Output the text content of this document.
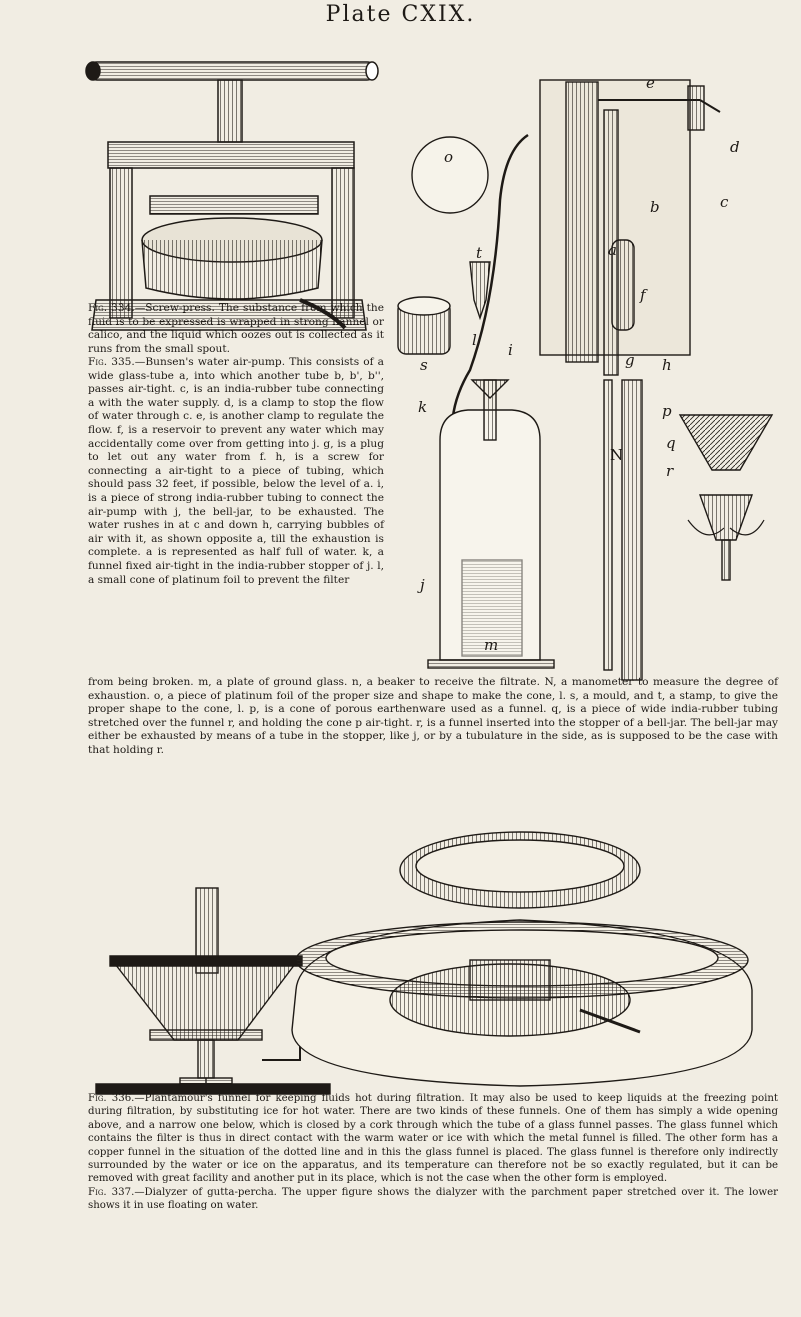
Plate CXIX.
o
t
s
l
i
g h
k
j
m
a
b	c
d
e
f
p
q
r
N

Fig. 334.—Screw-press. The substance from which the fluid is to be expressed is wrapped in strong flannel or calico, and the liquid which oozes out is collected as it runs from the small spout.

Fig. 335.—Bunsen's water air-pump. This consists of a wide glass-tube a, into which another tube b, b', b'', passes air-tight. c, is an india-rubber tube connecting a with the water supply. d, is a clamp to stop the flow of water through c. e, is another clamp to regulate the flow. f, is a reservoir to prevent any water which may accidentally come over from getting into j. g, is a plug to let out any water from f. h, is a screw for connecting a air-tight to a piece of tubing, which should pass 32 feet, if possible, below the level of a. i, is a piece of strong india-rubber tubing to connect the air-pump with j, the bell-jar, to be exhausted. The water rushes in at c and down h, carrying bubbles of air with it, as shown opposite a, till the exhaustion is complete. a is represented as half full of water. k, a funnel fixed air-tight in the india-rubber stopper of j. l, a small cone of platinum foil to prevent the filter

from being broken. m, a plate of ground glass. n, a beaker to receive the filtrate. N, a manometer to measure the degree of exhaustion. o, a piece of platinum foil of the proper size and shape to make the cone, l. s, a mould, and t, a stamp, to give the proper shape to the cone, l. p, is a cone of porous earthenware used as a funnel. q, is a piece of wide india-rubber tubing stretched over the funnel r, and holding the cone p air-tight. r, is a funnel inserted into the stopper of a bell-jar. The bell-jar may either be exhausted by means of a tube in the stopper, like j, or by a tubulature in the side, as is supposed to be the case with that holding r.

Fig. 336.—Plantamour's funnel for keeping fluids hot during filtration. It may also be used to keep liquids at the freezing point during filtration, by substituting ice for hot water. There are two kinds of these funnels. One of them has simply a wide opening above, and a narrow one below, which is closed by a cork through which the tube of a glass funnel passes. The glass funnel which contains the filter is thus in direct contact with the warm water or ice with which the metal funnel is filled. The other form has a copper funnel in the situation of the dotted line and in this the glass funnel is placed. The glass funnel is therefore only indirectly surrounded by the water or ice on the apparatus, and its temperature can therefore not be so exactly regulated, but it can be removed with great facility and another put in its place, which is not the case when the other form is employed.

Fig. 337.—Dialyzer of gutta-percha. The upper figure shows the dialyzer with the parchment paper stretched over it. The lower shows it in use floating on water.
